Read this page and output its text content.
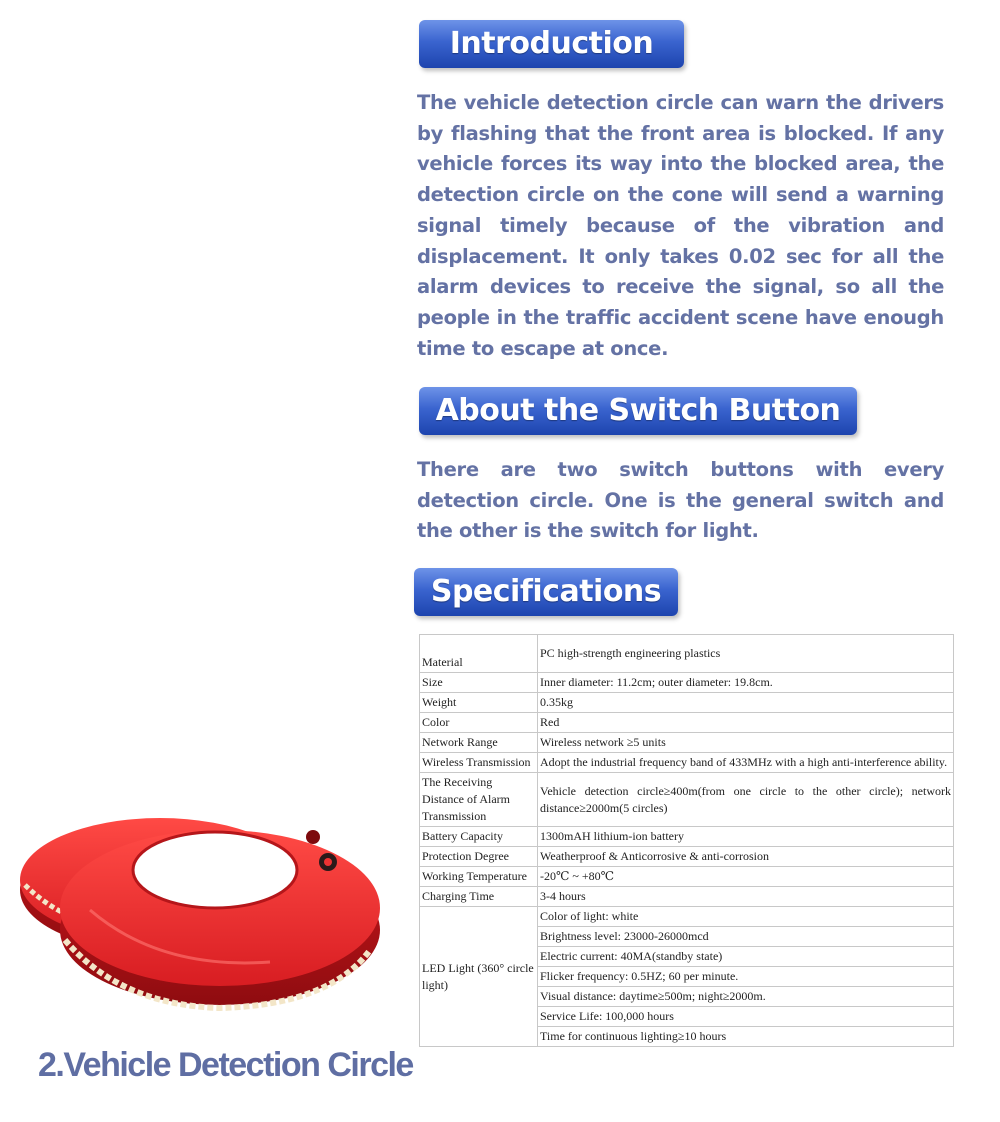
Introduction

The vehicle detection circle can warn the drivers by flashing that the front area is blocked. If any vehicle forces its way into the blocked area, the detection circle on the cone will send a warning signal timely because of the vibration and displacement. It only takes 0.02 sec for all the alarm devices to receive the signal, so all the people in the traffic accident scene have enough time to escape at once.

About the Switch Button

There are two switch buttons with every detection circle. One is the general switch and the other is the switch for light.

Specifications
Material	PC high-strength engineering plastics
Size	Inner diameter: 11.2cm; outer diameter: 19.8cm.
Weight	0.35kg
Color	Red
Network Range	Wireless network ≥5 units
Wireless Transmission	Adopt the industrial frequency band of 433MHz with a high anti-interference ability.
The Receiving Distance of Alarm Transmission	Vehicle detection circle≥400m(from one circle to the other circle); network distance≥2000m(5 circles)
Battery Capacity	1300mAH lithium-ion battery
Protection Degree	Weatherproof & Anticorrosive & anti-corrosion
Working Temperature	-20℃ ~ +80℃
Charging Time	3-4 hours
LED Light (360° circle light)	Color of light: white
	Brightness level: 23000-26000mcd
	Electric current: 40MA(standby state)
	Flicker frequency: 0.5HZ; 60 per minute.
	Visual distance: daytime≥500m; night≥2000m.
	Service Life: 100,000 hours
	Time for continuous lighting≥10 hours
2.Vehicle Detection Circle
